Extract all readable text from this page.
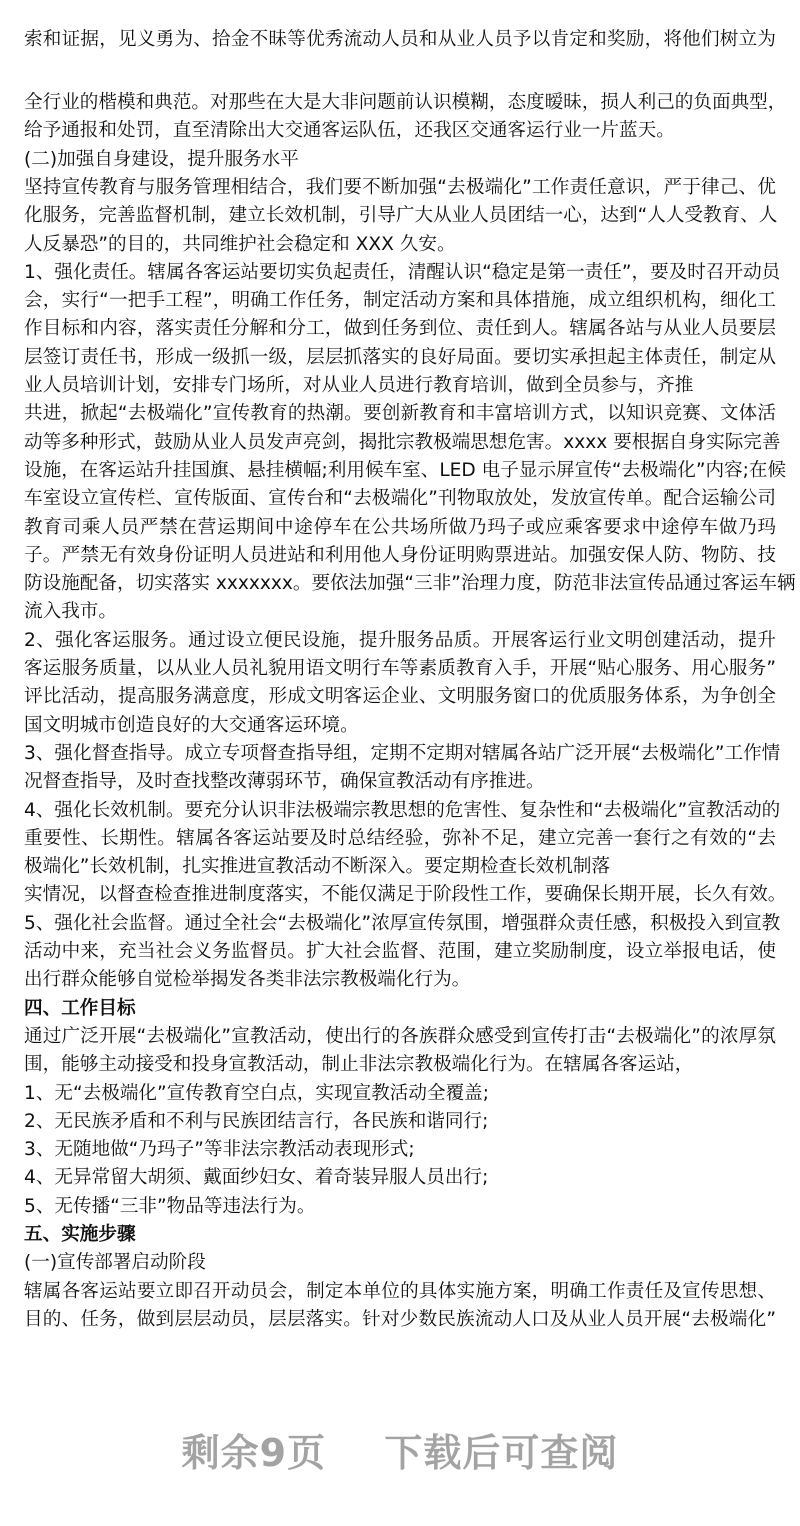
索和证据，见义勇为、拾金不昧等优秀流动人员和从业人员予以肯定和奖励，将他们树立为
全行业的楷模和典范。对那些在大是大非问题前认识模糊，态度暧昧，损人利己的负面典型，
给予通报和处罚，直至清除出大交通客运队伍，还我区交通客运行业一片蓝天。
(二)加强自身建设，提升服务水平
坚持宣传教育与服务管理相结合，我们要不断加强“去极端化”工作责任意识，严于律己、优
化服务，完善监督机制，建立长效机制，引导广大从业人员团结一心，达到“人人受教育、人
人反暴恐”的目的，共同维护社会稳定和 XXX 久安。
1、强化责任。辖属各客运站要切实负起责任，清醒认识“稳定是第一责任”，要及时召开动员
会，实行“一把手工程”，明确工作任务，制定活动方案和具体措施，成立组织机构，细化工
作目标和内容，落实责任分解和分工，做到任务到位、责任到人。辖属各站与从业人员要层
层签订责任书，形成一级抓一级，层层抓落实的良好局面。要切实承担起主体责任，制定从
业人员培训计划，安排专门场所，对从业人员进行教育培训，做到全员参与，齐推
共进，掀起“去极端化”宣传教育的热潮。要创新教育和丰富培训方式，以知识竞赛、文体活
动等多种形式，鼓励从业人员发声亮剑，揭批宗教极端思想危害。xxxx 要根据自身实际完善
设施，在客运站升挂国旗、悬挂横幅;利用候车室、LED 电子显示屏宣传“去极端化”内容;在候
车室设立宣传栏、宣传版面、宣传台和“去极端化”刊物取放处，发放宣传单。配合运输公司
教育司乘人员严禁在营运期间中途停车在公共场所做乃玛子或应乘客要求中途停车做乃玛
子。严禁无有效身份证明人员进站和利用他人身份证明购票进站。加强安保人防、物防、技
防设施配备，切实落实 xxxxxxx。要依法加强“三非”治理力度，防范非法宣传品通过客运车辆
流入我市。
2、强化客运服务。通过设立便民设施，提升服务品质。开展客运行业文明创建活动，提升
客运服务质量，以从业人员礼貌用语文明行车等素质教育入手，开展“贴心服务、用心服务”
评比活动，提高服务满意度，形成文明客运企业、文明服务窗口的优质服务体系，为争创全
国文明城市创造良好的大交通客运环境。
3、强化督查指导。成立专项督查指导组，定期不定期对辖属各站广泛开展“去极端化”工作情
况督查指导，及时查找整改薄弱环节，确保宣教活动有序推进。
4、强化长效机制。要充分认识非法极端宗教思想的危害性、复杂性和“去极端化”宣教活动的
重要性、长期性。辖属各客运站要及时总结经验，弥补不足，建立完善一套行之有效的“去
极端化”长效机制，扎实推进宣教活动不断深入。要定期检查长效机制落
实情况，以督查检查推进制度落实，不能仅满足于阶段性工作，要确保长期开展，长久有效。
5、强化社会监督。通过全社会“去极端化”浓厚宣传氛围，增强群众责任感，积极投入到宣教
活动中来，充当社会义务监督员。扩大社会监督、范围，建立奖励制度，设立举报电话，使
出行群众能够自觉检举揭发各类非法宗教极端化行为。
四、工作目标
通过广泛开展“去极端化”宣教活动，使出行的各族群众感受到宣传打击“去极端化”的浓厚氛
围，能够主动接受和投身宣教活动，制止非法宗教极端化行为。在辖属各客运站，
1、无“去极端化”宣传教育空白点，实现宣教活动全覆盖;
2、无民族矛盾和不利与民族团结言行，各民族和谐同行;
3、无随地做“乃玛子”等非法宗教活动表现形式;
4、无异常留大胡须、戴面纱妇女、着奇装异服人员出行;
5、无传播“三非”物品等违法行为。
五、实施步骤
(一)宣传部署启动阶段
辖属各客运站要立即召开动员会，制定本单位的具体实施方案，明确工作责任及宣传思想、
目的、任务，做到层层动员，层层落实。针对少数民族流动人口及从业人员开展“去极端化”
剩余9页 下载后可查阅
